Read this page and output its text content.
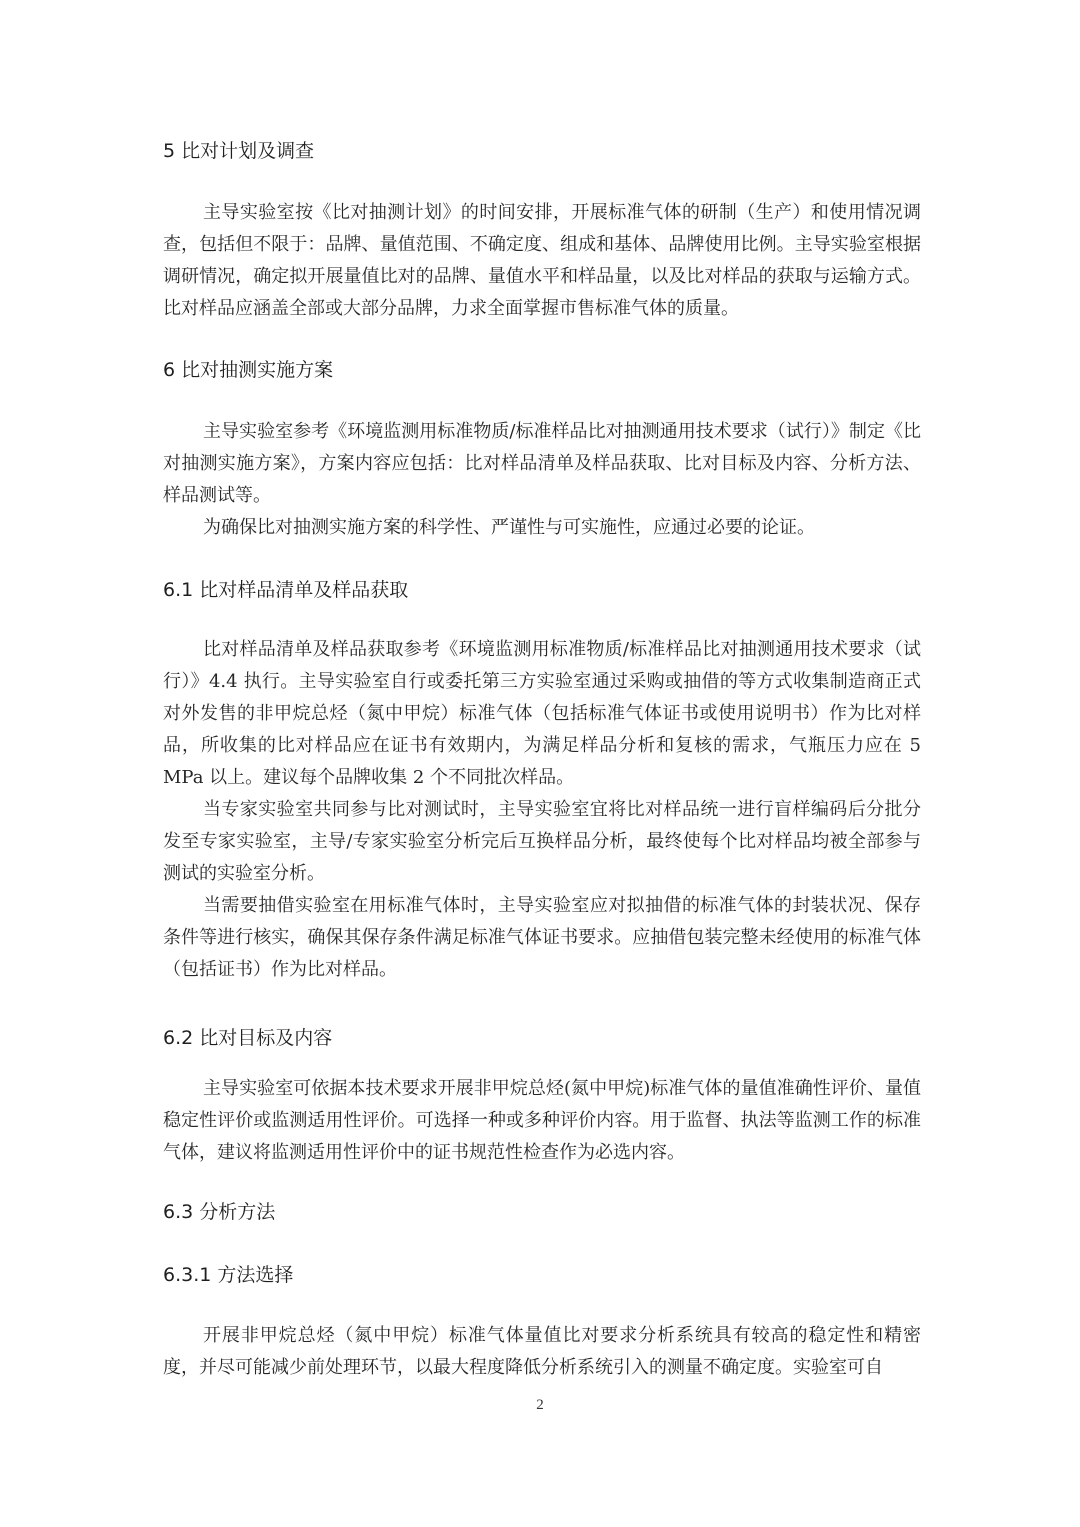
5 比对计划及调查

主导实验室按《比对抽测计划》的时间安排，开展标准气体的研制（生产）和使用情况调查，包括但不限于：品牌、量值范围、不确定度、组成和基体、品牌使用比例。主导实验室根据调研情况，确定拟开展量值比对的品牌、量值水平和样品量，以及比对样品的获取与运输方式。比对样品应涵盖全部或大部分品牌，力求全面掌握市售标准气体的质量。

6 比对抽测实施方案

主导实验室参考《环境监测用标准物质/标准样品比对抽测通用技术要求（试行）》制定《比对抽测实施方案》，方案内容应包括：比对样品清单及样品获取、比对目标及内容、分析方法、样品测试等。

为确保比对抽测实施方案的科学性、严谨性与可实施性，应通过必要的论证。

6.1 比对样品清单及样品获取

比对样品清单及样品获取参考《环境监测用标准物质/标准样品比对抽测通用技术要求（试行）》4.4 执行。主导实验室自行或委托第三方实验室通过采购或抽借的等方式收集制造商正式对外发售的非甲烷总烃（氮中甲烷）标准气体（包括标准气体证书或使用说明书）作为比对样品，所收集的比对样品应在证书有效期内，为满足样品分析和复核的需求，气瓶压力应在 5 MPa 以上。建议每个品牌收集 2 个不同批次样品。

当专家实验室共同参与比对测试时，主导实验室宜将比对样品统一进行盲样编码后分批分发至专家实验室，主导/专家实验室分析完后互换样品分析，最终使每个比对样品均被全部参与测试的实验室分析。

当需要抽借实验室在用标准气体时，主导实验室应对拟抽借的标准气体的封装状况、保存条件等进行核实，确保其保存条件满足标准气体证书要求。应抽借包装完整未经使用的标准气体（包括证书）作为比对样品。

6.2 比对目标及内容

主导实验室可依据本技术要求开展非甲烷总烃(氮中甲烷)标准气体的量值准确性评价、量值稳定性评价或监测适用性评价。可选择一种或多种评价内容。用于监督、执法等监测工作的标准气体，建议将监测适用性评价中的证书规范性检查作为必选内容。

6.3 分析方法
6.3.1 方法选择

开展非甲烷总烃（氮中甲烷）标准气体量值比对要求分析系统具有较高的稳定性和精密度，并尽可能减少前处理环节，以最大程度降低分析系统引入的测量不确定度。实验室可自

2
